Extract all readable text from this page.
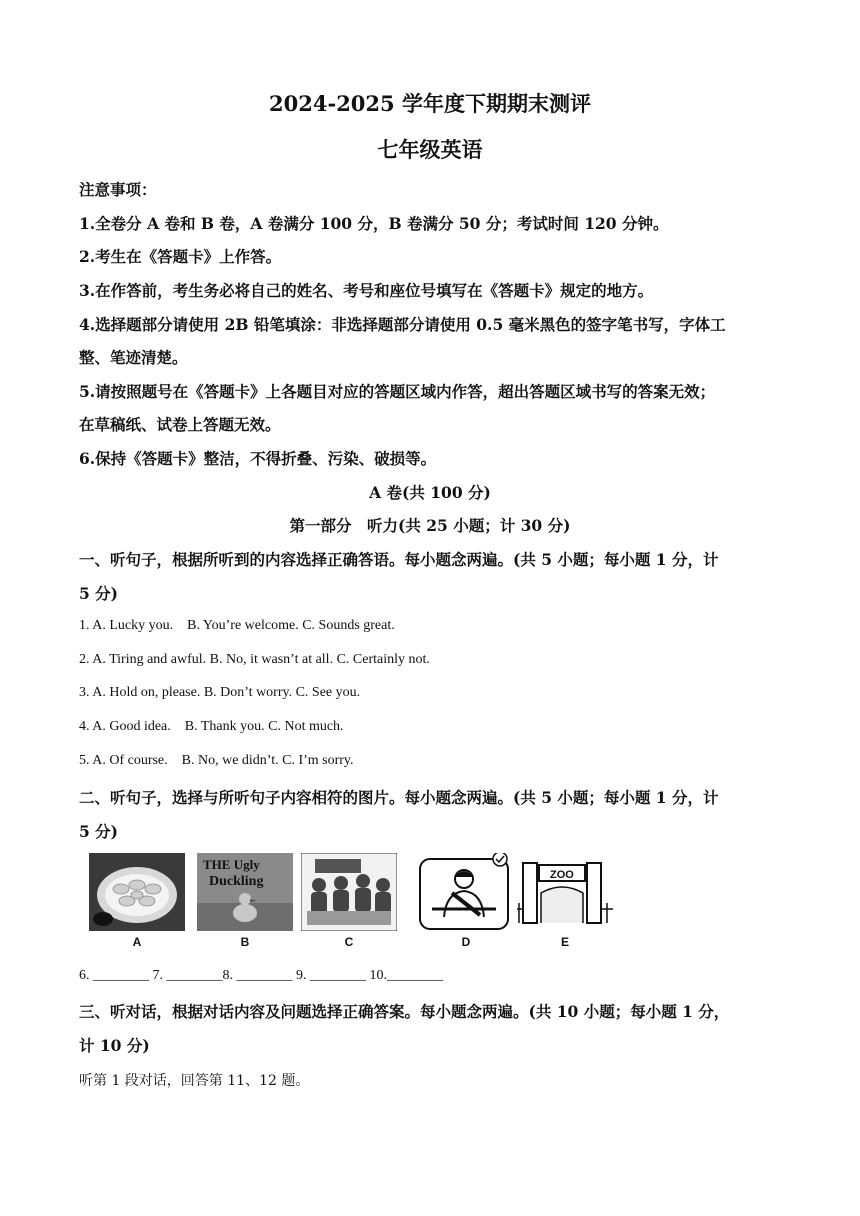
2024-2025 学年度下期期末测评
七年级英语
注意事项：
1.全卷分 A 卷和 B 卷，A 卷满分 100 分，B 卷满分 50 分；考试时间 120 分钟。
2.考生在《答题卡》上作答。
3.在作答前，考生务必将自己的姓名、考号和座位号填写在《答题卡》规定的地方。
4.选择题部分请使用 2B 铅笔填涂：非选择题部分请使用 0.5 毫米黑色的签字笔书写，字体工
整、笔迹清楚。
5.请按照题号在《答题卡》上各题目对应的答题区域内作答，超出答题区域书写的答案无效；
在草稿纸、试卷上答题无效。
6.保持《答题卡》整洁，不得折叠、污染、破损等。
A 卷(共 100 分)
第一部分　听力(共 25 小题；计 30 分)
一、听句子，根据所听到的内容选择正确答语。每小题念两遍。(共 5 小题；每小题 1 分，计
5 分)
1. A. Lucky you.    B. You’re welcome. C. Sounds great.
2. A. Tiring and awful. B. No, it wasn’t at all. C. Certainly not.
3. A. Hold on, please. B. Don’t worry. C. See you.
4. A. Good idea.    B. Thank you. C. Not much.
5. A. Of course.    B. No, we didn’t. C. I’m sorry.
二、听句子，选择与所听句子内容相符的图片。每小题念两遍。(共 5 小题；每小题 1 分，计
5 分)
A
THE Ugly
Duckling
B	C	D
ZOO
E
6. ________ 7. ________8. ________ 9. ________ 10.________
三、听对话，根据对话内容及问题选择正确答案。每小题念两遍。(共 10 小题；每小题 1 分，
计 10 分)
听第 1 段对话，回答第 11、12 题。
